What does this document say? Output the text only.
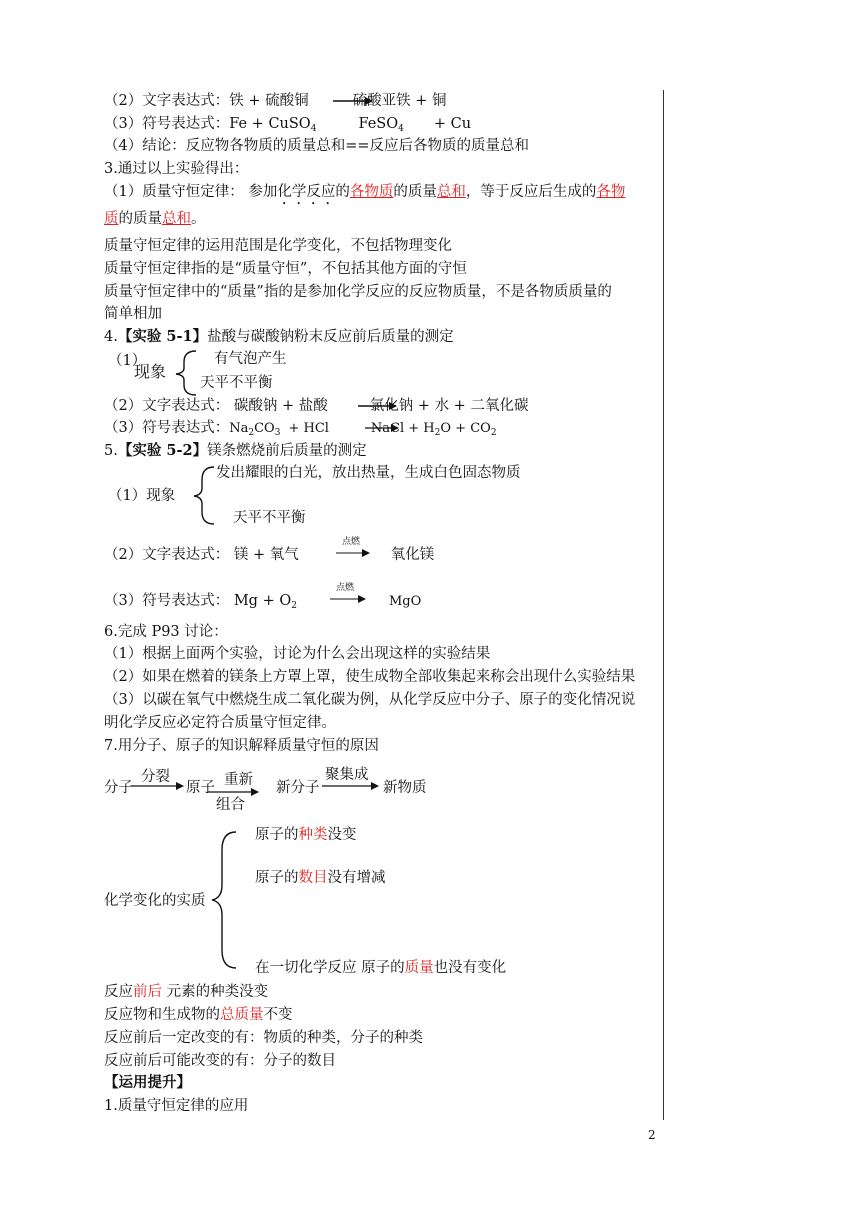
（2）文字表达式：铁 + 硫酸铜	硫酸亚铁 + 铜
（3）符号表达式：Fe + CuSO$_4$	FeSO$_4$ + Cu
（4）结论：反应物各物质的质量总和==反应后各物质的质量总和
3.通过以上实验得出：
（1）质量守恒定律： 参加化学反应的各物质的质量总和，等于反应后生成的各物
质的质量总和。
质量守恒定律的运用范围是化学变化，不包括物理变化
质量守恒定律指的是“质量守恒”，不包括其他方面的守恒
质量守恒定律中的“质量”指的是参加化学反应的反应物质量，不是各物质质量的
简单相加
4.【实验 5-1】盐酸与碳酸钠粉末反应前后质量的测定
（1）
现象
有气泡产生
天平不平衡
（2）文字表达式： 碳酸钠 + 盐酸	氯化钠 + 水 + 二氧化碳
（3）符号表达式：$Na_2CO_3$ + HCl	NaCl + $H_2O + CO_2$
5.【实验 5-2】镁条燃烧前后质量的测定
发出耀眼的白光，放出热量，生成白色固态物质
（1）现象
天平不平衡
（2）文字表达式： 镁 + 氧气	氧化镁
点燃
（3）符号表达式： $Mg + O_2$	MgO
点燃
6.完成 P93 讨论：
（1）根据上面两个实验，讨论为什么会出现这样的实验结果
（2）如果在燃着的镁条上方罩上罩，使生成物全部收集起来称会出现什么实验结果
（3）以碳在氧气中燃烧生成二氧化碳为例，从化学反应中分子、原子的变化情况说
明化学反应必定符合质量守恒定律。
7.用分子、原子的知识解释质量守恒的原因
分子
分裂
原子 重新
组合
新分子
聚集成
新物质
原子的种类没变
原子的数目没有增减
化学变化的实质
在一切化学反应 原子的质量也没有变化
反应前后 元素的种类没变
反应物和生成物的总质量不变
反应前后一定改变的有：物质的种类，分子的种类
反应前后可能改变的有：分子的数目
【运用提升】
1.质量守恒定律的应用
2
